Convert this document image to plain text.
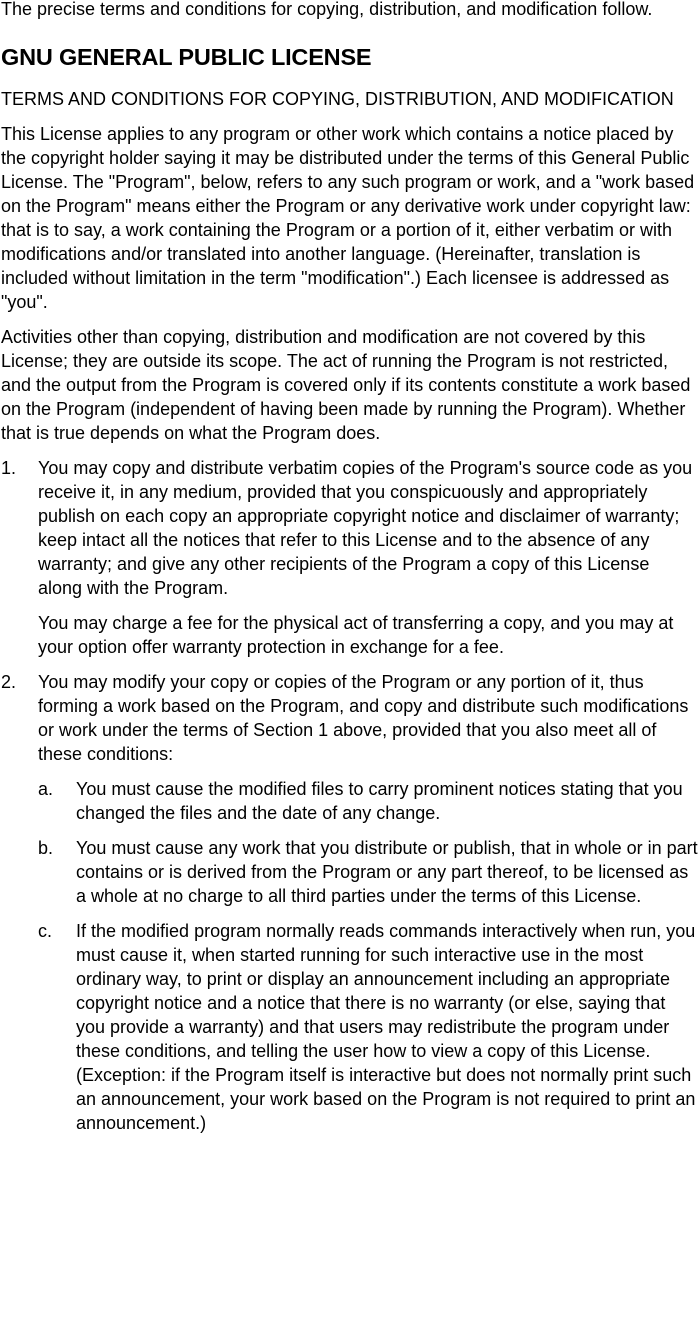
The precise terms and conditions for copying, distribution, and modification follow.

GNU GENERAL PUBLIC LICENSE

TERMS AND CONDITIONS FOR COPYING, DISTRIBUTION, AND MODIFICATION

This License applies to any program or other work which contains a notice placed by the copyright holder saying it may be distributed under the terms of this General Public License. The "Program", below, refers to any such program or work, and a "work based on the Program" means either the Program or any derivative work under copyright law: that is to say, a work containing the Program or a portion of it, either verbatim or with modifications and/or translated into another language. (Hereinafter, translation is included without limitation in the term "modification".) Each licensee is addressed as "you".

Activities other than copying, distribution and modification are not covered by this License; they are outside its scope. The act of running the Program is not restricted, and the output from the Program is covered only if its contents constitute a work based on the Program (independent of having been made by running the Program). Whether that is true depends on what the Program does.

1. You may copy and distribute verbatim copies of the Program's source code as you receive it, in any medium, provided that you conspicuously and appropriately publish on each copy an appropriate copyright notice and disclaimer of warranty; keep intact all the notices that refer to this License and to the absence of any warranty; and give any other recipients of the Program a copy of this License along with the Program.

You may charge a fee for the physical act of transferring a copy, and you may at your option offer warranty protection in exchange for a fee.

2. You may modify your copy or copies of the Program or any portion of it, thus forming a work based on the Program, and copy and distribute such modifications or work under the terms of Section 1 above, provided that you also meet all of these conditions:

a. You must cause the modified files to carry prominent notices stating that you changed the files and the date of any change.

b. You must cause any work that you distribute or publish, that in whole or in part contains or is derived from the Program or any part thereof, to be licensed as a whole at no charge to all third parties under the terms of this License.

c. If the modified program normally reads commands interactively when run, you must cause it, when started running for such interactive use in the most ordinary way, to print or display an announcement including an appropriate copyright notice and a notice that there is no warranty (or else, saying that you provide a warranty) and that users may redistribute the program under these conditions, and telling the user how to view a copy of this License. (Exception: if the Program itself is interactive but does not normally print such an announcement, your work based on the Program is not required to print an announcement.)
